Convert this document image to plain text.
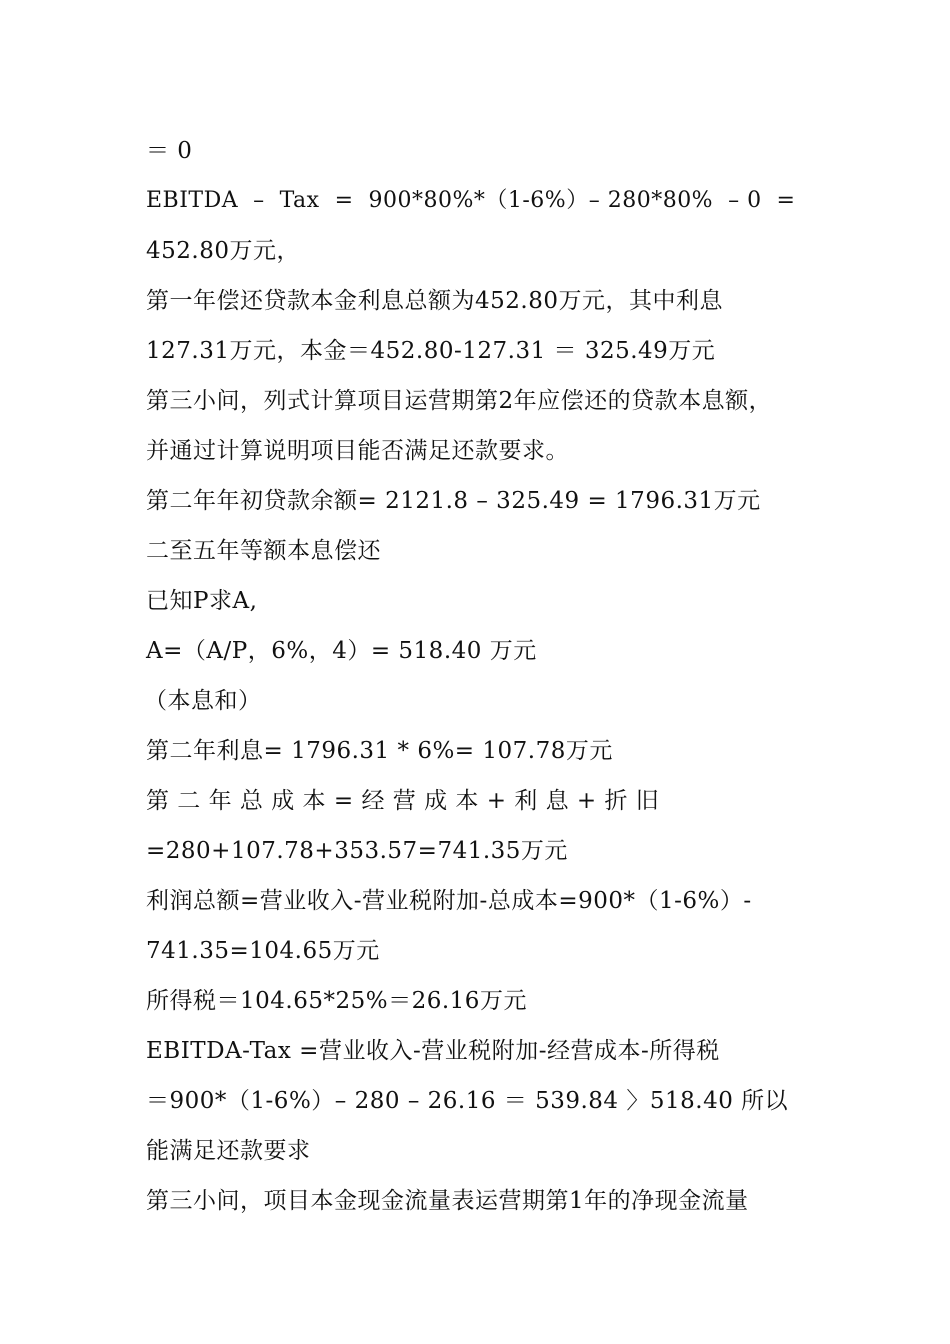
＝ 0
EBITDA  –  Tax  =  900*80%*（1-6%）– 280*80%  – 0  =
452.80万元，
第一年偿还贷款本金利息总额为452.80万元，其中利息
127.31万元，本金＝452.80-127.31 ＝ 325.49万元
第三小问，列式计算项目运营期第2年应偿还的贷款本息额，
并通过计算说明项目能否满足还款要求。
第二年年初贷款余额= 2121.8 – 325.49 = 1796.31万元
二至五年等额本息偿还
已知P求A,
A=（A/P，6%，4）= 518.40 万元
（本息和）
第二年利息= 1796.31 * 6%= 107.78万元
第 二 年 总 成 本 = 经 营 成 本 + 利 息 + 折 旧
=280+107.78+353.57=741.35万元
利润总额=营业收入-营业税附加-总成本=900*（1-6%）-
741.35=104.65万元
所得税＝104.65*25%＝26.16万元
EBITDA-Tax =营业收入-营业税附加-经营成本-所得税
＝900*（1-6%）– 280 – 26.16 ＝ 539.84 〉518.40 所以
能满足还款要求
第三小问，项目本金现金流量表运营期第1年的净现金流量
